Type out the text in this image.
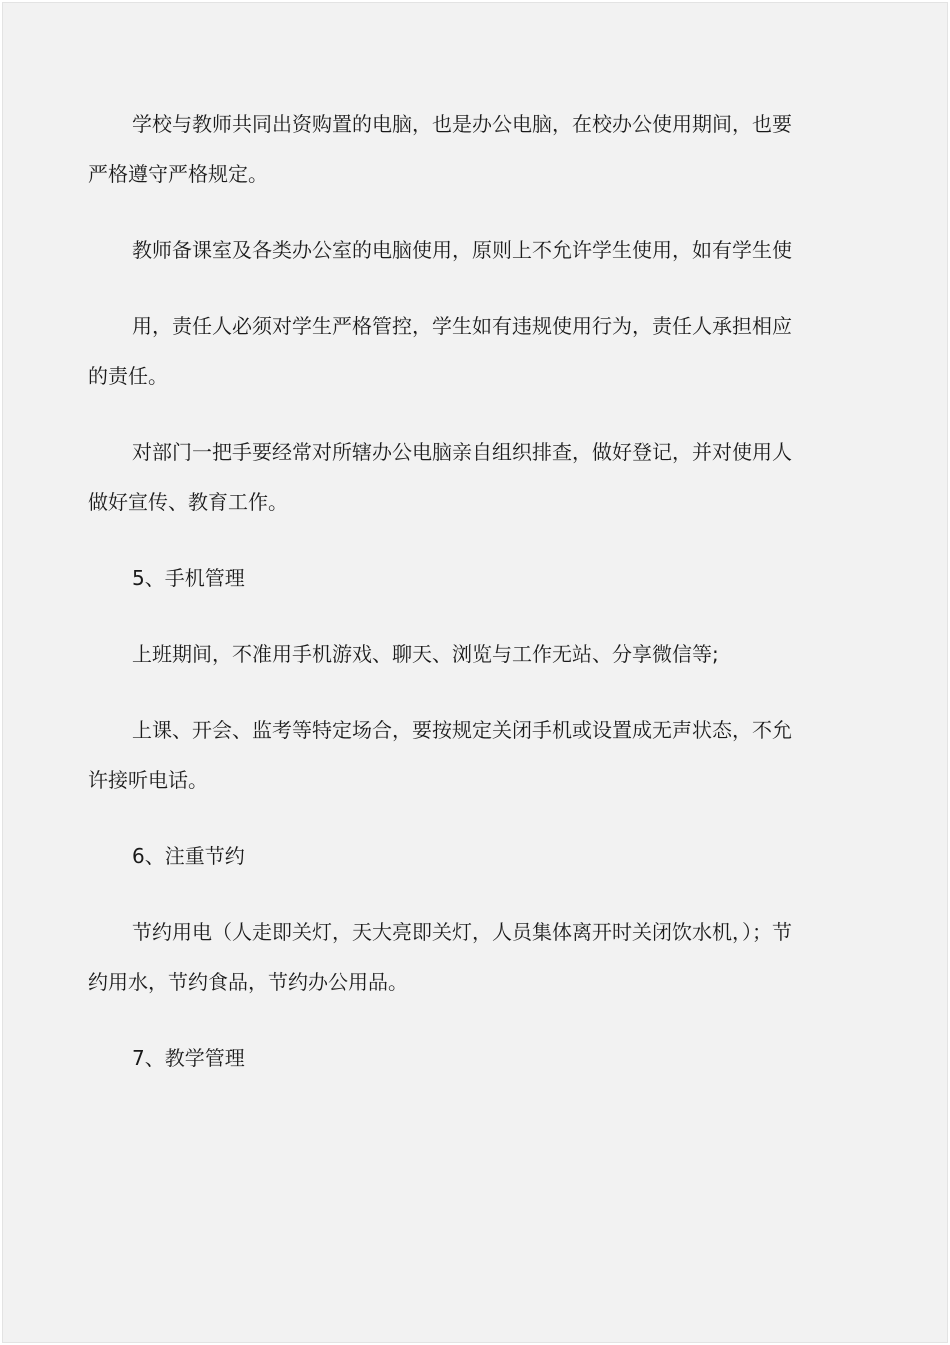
学校与教师共同出资购置的电脑，也是办公电脑，在校办公使用期间，也要严格遵守严格规定。

教师备课室及各类办公室的电脑使用，原则上不允许学生使用，如有学生使

用，责任人必须对学生严格管控，学生如有违规使用行为，责任人承担相应的责任。

对部门一把手要经常对所辖办公电脑亲自组织排查，做好登记，并对使用人做好宣传、教育工作。

5、手机管理

上班期间，不准用手机游戏、聊天、浏览与工作无站、分享微信等;

上课、开会、监考等特定场合，要按规定关闭手机或设置成无声状态，不允许接听电话。

6、注重节约

节约用电（人走即关灯，天大亮即关灯，人员集体离开时关闭饮水机，）；节约用水，节约食品，节约办公用品。

7、教学管理
